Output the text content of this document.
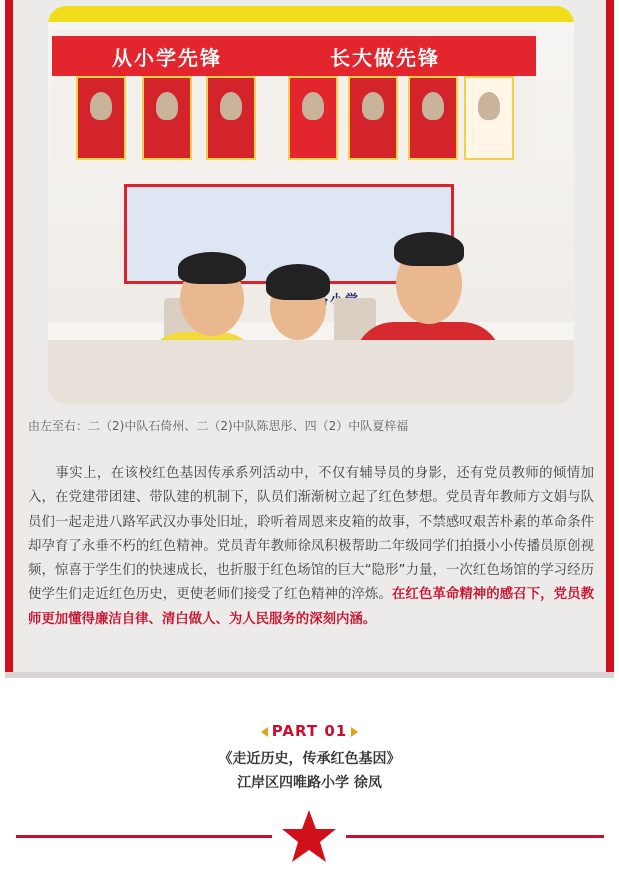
从小学先锋	长大做先锋
由左至右：二（2)中队石倚州、二（2)中队陈思彤、四（2）中队夏梓福
事实上，在该校红色基因传承系列活动中，不仅有辅导员的身影，还有党员教师的倾情加入，在党建带团建、带队建的机制下，队员们渐渐树立起了红色梦想。党员青年教师方文娟与队员们一起走进八路军武汉办事处旧址，聆听着周恩来皮箱的故事，不禁感叹艰苦朴素的革命条件却孕育了永垂不朽的红色精神。党员青年教师徐凤积极帮助二年级同学们拍摄小小传播员原创视频，惊喜于学生们的快速成长，也折服于红色场馆的巨大“隐形”力量，一次红色场馆的学习经历使学生们走近红色历史，更使老师们接受了红色精神的淬炼。在红色革命精神的感召下，党员教师更加懂得廉洁自律、清白做人、为人民服务的深刻内涵。
PART 01
《走近历史，传承红色基因》
江岸区四唯路小学 徐凤
